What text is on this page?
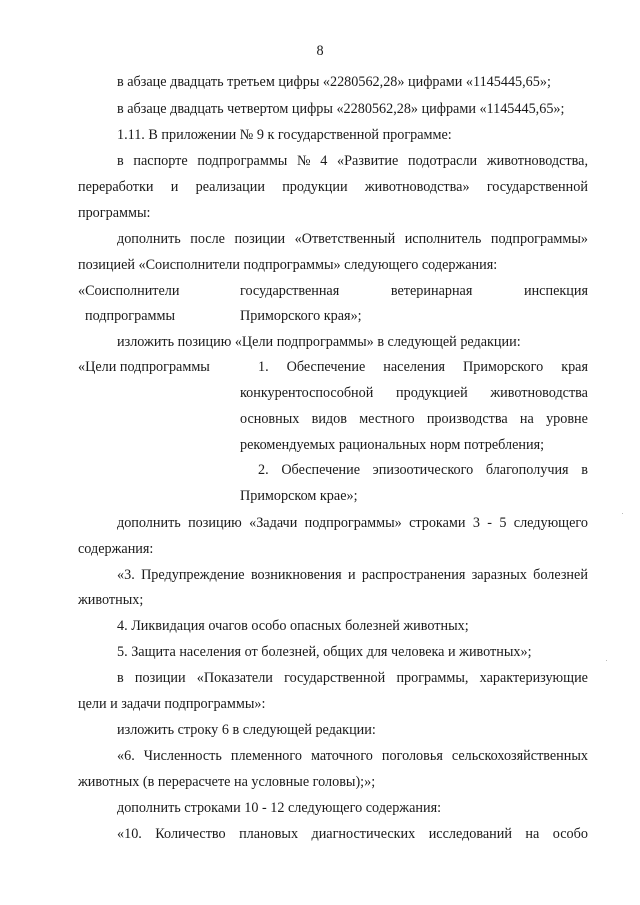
8
в абзаце двадцать третьем цифры «2280562,28» цифрами «1145445,65»;
в абзаце двадцать четвертом цифры «2280562,28» цифрами «1145445,65»;
1.11. В приложении № 9 к государственной программе:
в паспорте подпрограммы № 4 «Развитие подотрасли животноводства,
переработки и реализации продукции животноводства» государственной
программы:
дополнить после позиции «Ответственный исполнитель подпрограммы»
позицией «Соисполнители подпрограммы» следующего содержания:
«Соисполнители	государственная	ветеринарная	инспекция
подпрограммы	Приморского края»;
изложить позицию «Цели подпрограммы» в следующей редакции:
«Цели подпрограммы	1. Обеспечение населения Приморского края
конкурентоспособной продукцией животноводства
основных видов местного производства на уровне
рекомендуемых рациональных норм потребления;
2. Обеспечение эпизоотического благополучия в
Приморском крае»;
дополнить позицию «Задачи подпрограммы» строками 3 - 5 следующего
содержания:
«3. Предупреждение возникновения и распространения заразных болезней
животных;
4. Ликвидация очагов особо опасных болезней животных;
5. Защита населения от болезней, общих для человека и животных»;
в позиции «Показатели государственной программы, характеризующие
цели и задачи подпрограммы»:
изложить строку 6 в следующей редакции:
«6. Численность племенного маточного поголовья сельскохозяйственных
животных (в перерасчете на условные головы);»;
дополнить строками 10 - 12 следующего содержания:
«10. Количество плановых диагностических исследований на особо
